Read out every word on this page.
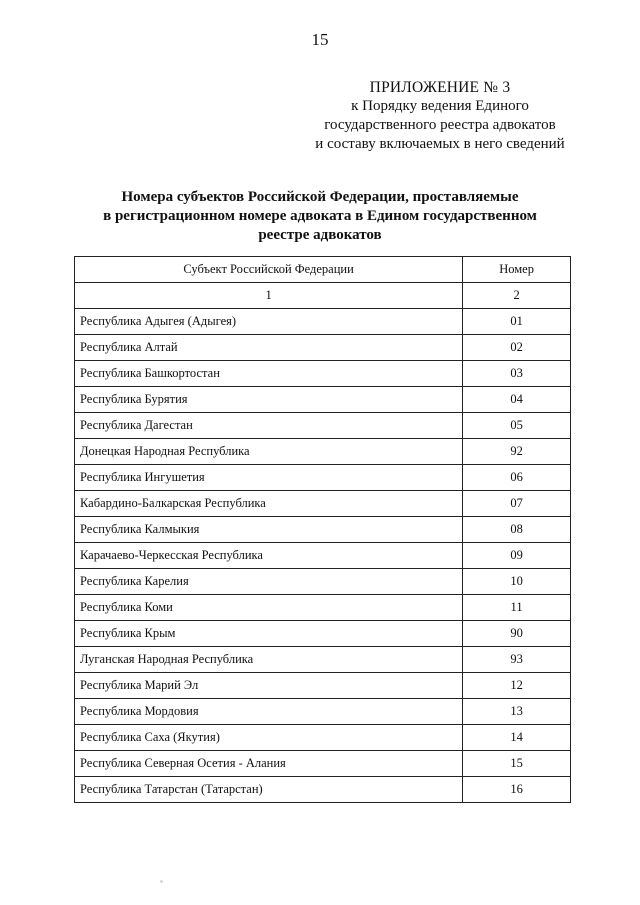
15
ПРИЛОЖЕНИЕ № 3
к Порядку ведения Единого
государственного реестра адвокатов
и составу включаемых в него сведений
Номера субъектов Российской Федерации, проставляемые
в регистрационном номере адвоката в Едином государственном
реестре адвокатов
Субъект Российской Федерации	Номер
1	2
Республика Адыгея (Адыгея)	01
Республика Алтай	02
Республика Башкортостан	03
Республика Бурятия	04
Республика Дагестан	05
Донецкая Народная Республика	92
Республика Ингушетия	06
Кабардино-Балкарская Республика	07
Республика Калмыкия	08
Карачаево-Черкесская Республика	09
Республика Карелия	10
Республика Коми	11
Республика Крым	90
Луганская Народная Республика	93
Республика Марий Эл	12
Республика Мордовия	13
Республика Саха (Якутия)	14
Республика Северная Осетия - Алания	15
Республика Татарстан (Татарстан)	16
